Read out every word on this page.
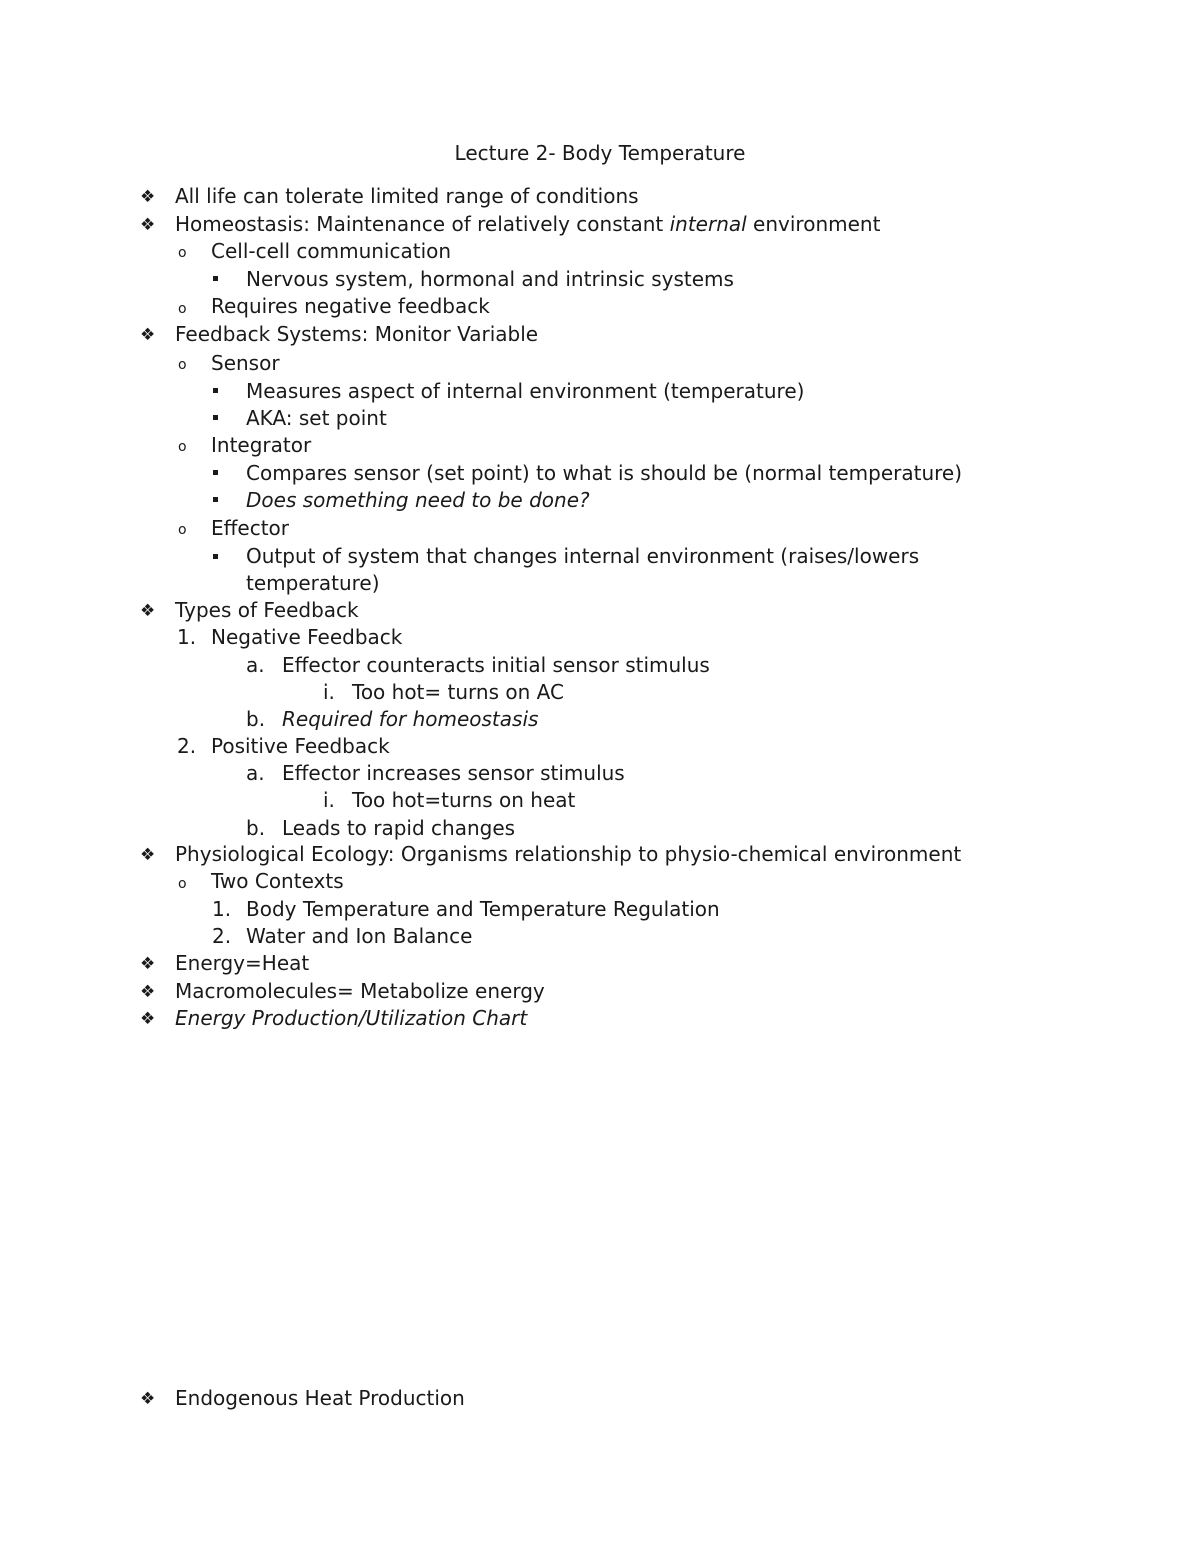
Lecture 2- Body Temperature
❖ All life can tolerate limited range of conditions
❖ Homeostasis: Maintenance of relatively constant internal environment
o Cell-cell communication
Nervous system, hormonal and intrinsic systems
o Requires negative feedback
❖ Feedback Systems: Monitor Variable
o Sensor
Measures aspect of internal environment (temperature)
AKA: set point
o Integrator
Compares sensor (set point) to what is should be (normal temperature)
Does something need to be done?
o Effector
Output of system that changes internal environment (raises/lowers
temperature)
❖ Types of Feedback
1. Negative Feedback
a. Effector counteracts initial sensor stimulus
i. Too hot= turns on AC
b. Required for homeostasis
2. Positive Feedback
a. Effector increases sensor stimulus
i. Too hot=turns on heat
b. Leads to rapid changes
❖ Physiological Ecology: Organisms relationship to physio-chemical environment
o Two Contexts
1. Body Temperature and Temperature Regulation
2. Water and Ion Balance
❖ Energy=Heat
❖ Macromolecules= Metabolize energy
❖ Energy Production/Utilization Chart
❖ Endogenous Heat Production
